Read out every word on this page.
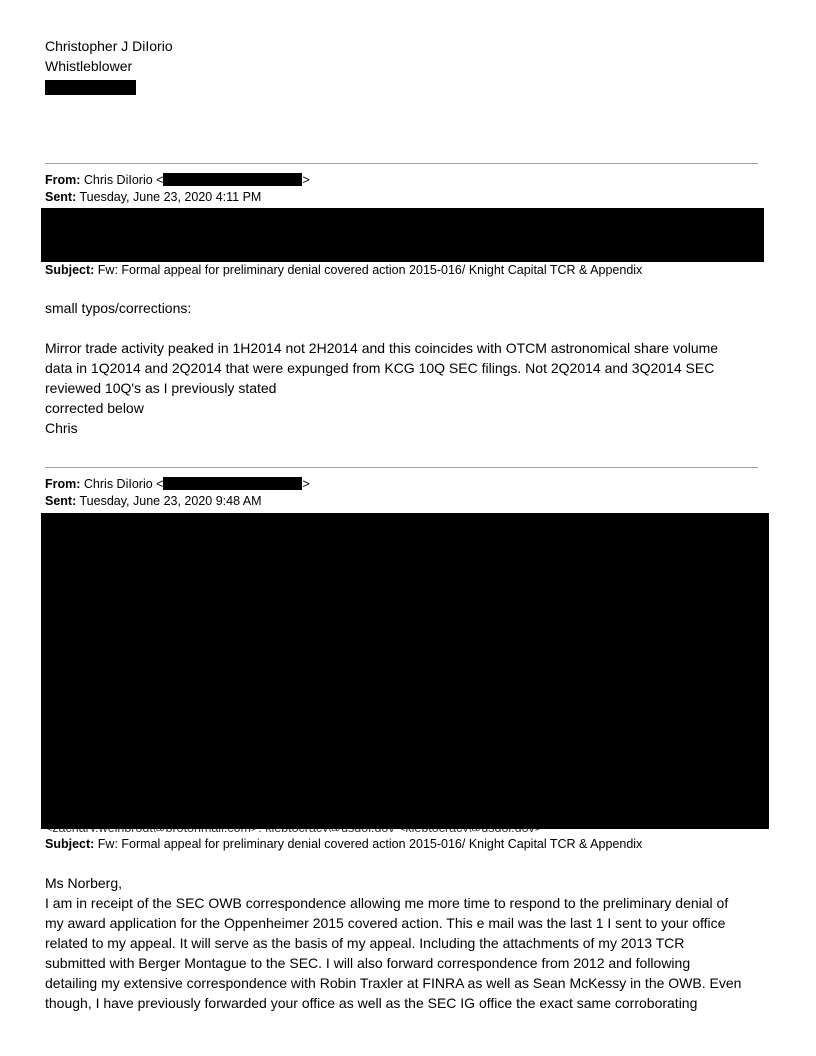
Christopher J DiIorio
Whistleblower
From: Chris DiIorio <	>
Sent: Tuesday, June 23, 2020 4:11 PM
Subject: Fw: Formal appeal for preliminary denial covered action 2015-016/ Knight Capital TCR & Appendix
small typos/corrections:
Mirror trade activity peaked in 1H2014 not 2H2014 and this coincides with OTCM astronomical share volume
data in 1Q2014 and 2Q2014 that were expunged from KCG 10Q SEC filings. Not 2Q2014 and 3Q2014 SEC
reviewed 10Q's as I previously stated
corrected below
Chris
From: Chris DiIorio <	>
Sent: Tuesday, June 23, 2020 9:48 AM
Subject: Fw: Formal appeal for preliminary denial covered action 2015-016/ Knight Capital TCR & Appendix
Ms Norberg,
I am in receipt of the SEC OWB correspondence allowing me more time to respond to the preliminary denial of
my award application for the Oppenheimer 2015 covered action. This e mail was the last 1 I sent to your office
related to my appeal. It will serve as the basis of my appeal. Including the attachments of my 2013 TCR
submitted with Berger Montague to the SEC. I will also forward correspondence from 2012 and following
detailing my extensive correspondence with Robin Traxler at FINRA as well as Sean McKessy in the OWB. Even
though, I have previously forwarded your office as well as the SEC IG office the exact same corroborating
